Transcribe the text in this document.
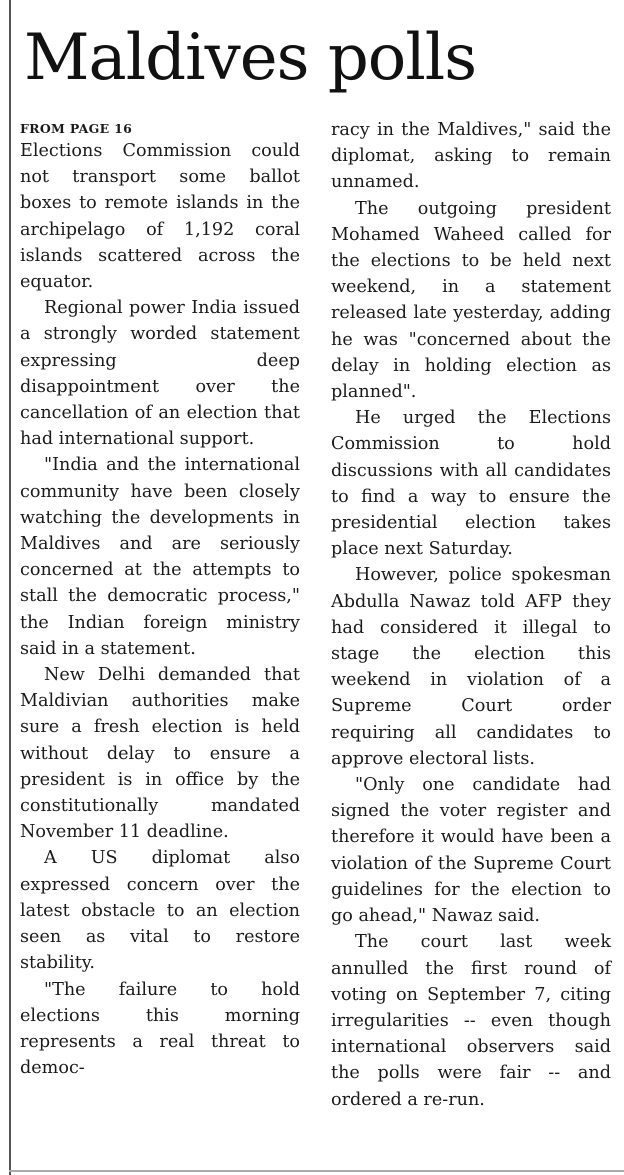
Maldives polls
FROM PAGE 16

Elections Commission could not transport some ballot boxes to remote islands in the archipelago of 1,192 coral islands scattered across the equator.

Regional power India issued a strongly worded statement expressing deep disappointment over the cancellation of an election that had international support.

"India and the international community have been closely watching the developments in Maldives and are seriously concerned at the attempts to stall the democratic process," the Indian foreign ministry said in a statement.

New Delhi demanded that Maldivian authorities make sure a fresh election is held without delay to ensure a president is in office by the constitutionally mandated November 11 deadline.

A US diplomat also expressed concern over the latest obstacle to an election seen as vital to restore stability.

"The failure to hold elections this morning represents a real threat to democ-

racy in the Maldives," said the diplomat, asking to remain unnamed.

The outgoing president Mohamed Waheed called for the elections to be held next weekend, in a statement released late yesterday, adding he was "concerned about the delay in holding election as planned".

He urged the Elections Commission to hold discussions with all candidates to find a way to ensure the presidential election takes place next Saturday.

However, police spokesman Abdulla Nawaz told AFP they had considered it illegal to stage the election this weekend in violation of a Supreme Court order requiring all candidates to approve electoral lists.

"Only one candidate had signed the voter register and therefore it would have been a violation of the Supreme Court guidelines for the election to go ahead," Nawaz said.

The court last week annulled the first round of voting on September 7, citing irregularities -- even though international observers said the polls were fair -- and ordered a re-run.
